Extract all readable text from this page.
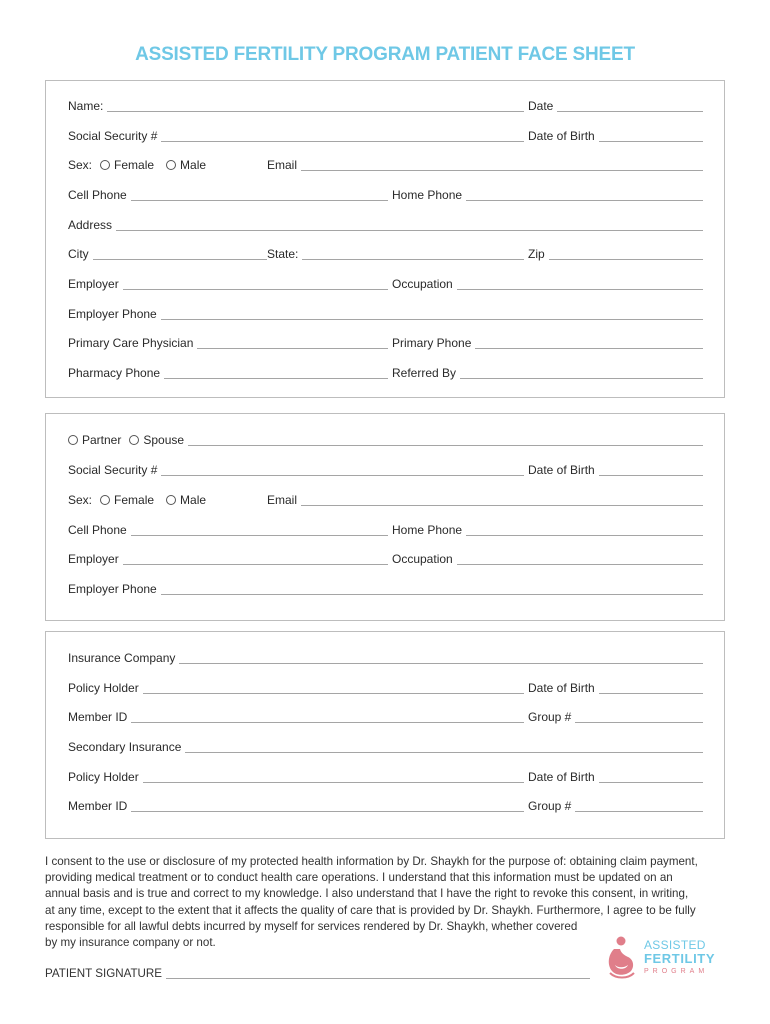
ASSISTED FERTILITY PROGRAM PATIENT FACE SHEET
Name:	Date
Social Security #	Date of Birth
Sex:	Female Male	Email
Cell Phone	Home Phone
Address
City	State:	Zip
Employer	Occupation
Employer Phone
Primary Care Physician	Primary Phone
Pharmacy Phone	Referred By
Partner Spouse
Social Security #	Date of Birth
Sex:	Female Male	Email
Cell Phone	Home Phone
Employer	Occupation
Employer Phone
Insurance Company
Policy Holder	Date of Birth
Member ID	Group #
Secondary Insurance
Policy Holder	Date of Birth
Member ID	Group #
I consent to the use or disclosure of my protected health information by Dr. Shaykh for the purpose of: obtaining claim payment,
providing medical treatment or to conduct health care operations. I understand that this information must be updated on an
annual basis and is true and correct to my knowledge. I also understand that I have the right to revoke this consent, in writing,
at any time, except to the extent that it affects the quality of care that is provided by Dr. Shaykh. Furthermore, I agree to be fully
responsible for all lawful debts incurred by myself for services rendered by Dr. Shaykh, whether covered
by my insurance company or not.
PATIENT SIGNATURE
ASSISTED
FERTILITY
PROGRAM
